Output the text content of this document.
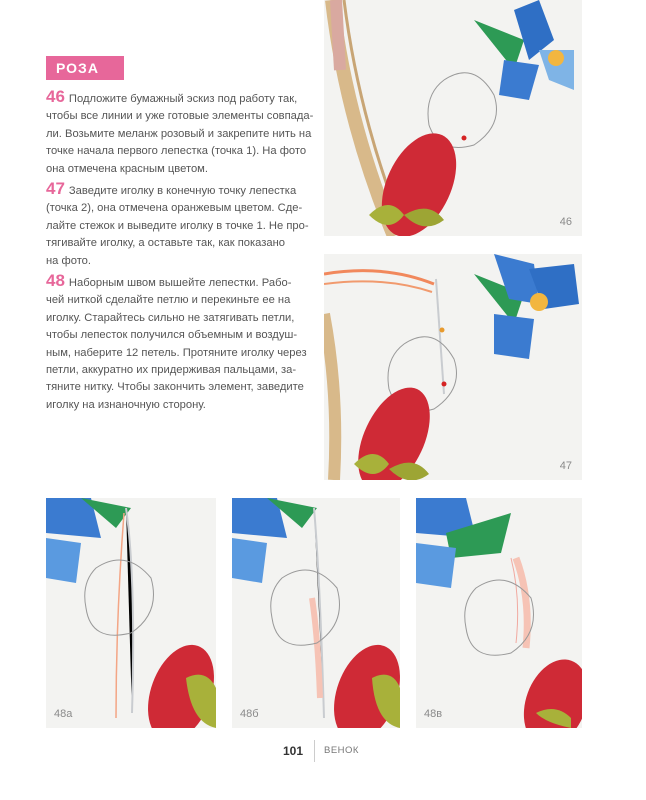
РОЗА
46 Подложите бумажный эскиз под работу так,
чтобы все линии и уже готовые элементы совпада-
ли. Возьмите меланж розовый и закрепите нить на
точке начала первого лепестка (точка 1). На фото
она отмечена красным цветом.
47 Заведите иголку в конечную точку лепестка
(точка 2), она отмечена оранжевым цветом. Сде-
лайте стежок и выведите иголку в точке 1. Не про-
тягивайте иголку, а оставьте так, как показано
на фото.
48 Наборным швом вышейте лепестки. Рабо-
чей ниткой сделайте петлю и перекиньте ее на
иголку. Старайтесь сильно не затягивать петли,
чтобы лепесток получился объемным и воздуш-
ным, наберите 12 петель. Протяните иголку через
петли, аккуратно их придерживая пальцами, за-
тяните нитку. Чтобы закончить элемент, заведите
иголку на изнаночную сторону.
46
47
48а	48б	48в
101 ВЕНОК
